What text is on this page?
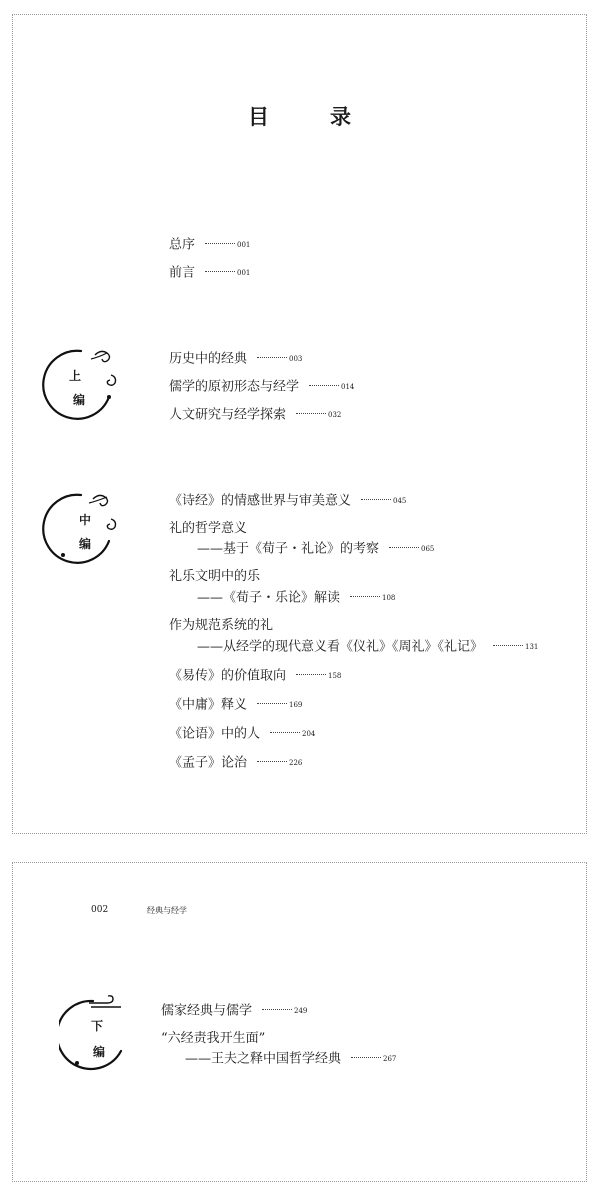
目　录
总序	001
前言	001
上
编
历史中的经典	003
儒学的原初形态与经学	014
人文研究与经学探索	032
中
编
《诗经》的情感世界与审美意义	045
礼的哲学意义
——基于《荀子・礼论》的考察	065
礼乐文明中的乐
——《荀子・乐论》解读	108
作为规范系统的礼
——从经学的现代意义看《仪礼》《周礼》《礼记》	131
《易传》的价值取向	158
《中庸》释义	169
《论语》中的人	204
《孟子》论治	226
002	经典与经学
下
编
儒家经典与儒学	249
“六经责我开生面”
——王夫之释中国哲学经典	267
